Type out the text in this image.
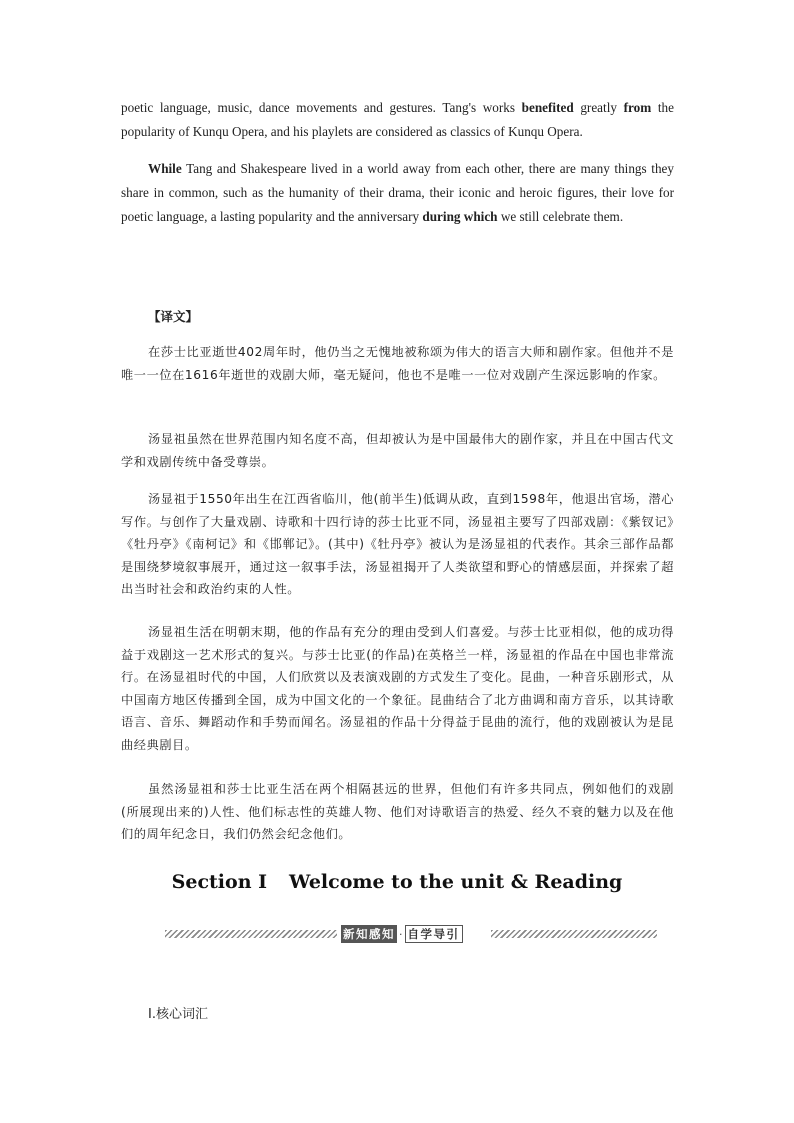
poetic language, music, dance movements and gestures. Tang's works benefited greatly from the popularity of Kunqu Opera, and his playlets are considered as classics of Kunqu Opera.

While Tang and Shakespeare lived in a world away from each other, there are many things they share in common, such as the humanity of their drama, their iconic and heroic figures, their love for poetic language, a lasting popularity and the anniversary during which we still celebrate them.

【译文】

在莎士比亚逝世402周年时，他仍当之无愧地被称颂为伟大的语言大师和剧作家。但他并不是唯一一位在1616年逝世的戏剧大师，毫无疑问，他也不是唯一一位对戏剧产生深远影响的作家。

汤显祖虽然在世界范围内知名度不高，但却被认为是中国最伟大的剧作家，并且在中国古代文学和戏剧传统中备受尊崇。

汤显祖于1550年出生在江西省临川，他(前半生)低调从政，直到1598年，他退出官场，潜心写作。与创作了大量戏剧、诗歌和十四行诗的莎士比亚不同，汤显祖主要写了四部戏剧：《紫钗记》《牡丹亭》《南柯记》和《邯郸记》。(其中)《牡丹亭》被认为是汤显祖的代表作。其余三部作品都是围绕梦境叙事展开，通过这一叙事手法，汤显祖揭开了人类欲望和野心的情感层面，并探索了超出当时社会和政治约束的人性。

汤显祖生活在明朝末期，他的作品有充分的理由受到人们喜爱。与莎士比亚相似，他的成功得益于戏剧这一艺术形式的复兴。与莎士比亚(的作品)在英格兰一样，汤显祖的作品在中国也非常流行。在汤显祖时代的中国，人们欣赏以及表演戏剧的方式发生了变化。昆曲，一种音乐剧形式，从中国南方地区传播到全国，成为中国文化的一个象征。昆曲结合了北方曲调和南方音乐，以其诗歌语言、音乐、舞蹈动作和手势而闻名。汤显祖的作品十分得益于昆曲的流行，他的戏剧被认为是昆曲经典剧目。

虽然汤显祖和莎士比亚生活在两个相隔甚远的世界，但他们有许多共同点，例如他们的戏剧(所展现出来的)人性、他们标志性的英雄人物、他们对诗歌语言的热爱、经久不衰的魅力以及在他们的周年纪念日，我们仍然会纪念他们。

Section Ⅰ Welcome to the unit & Reading
新知感知 · 自学导引
Ⅰ.核心词汇
